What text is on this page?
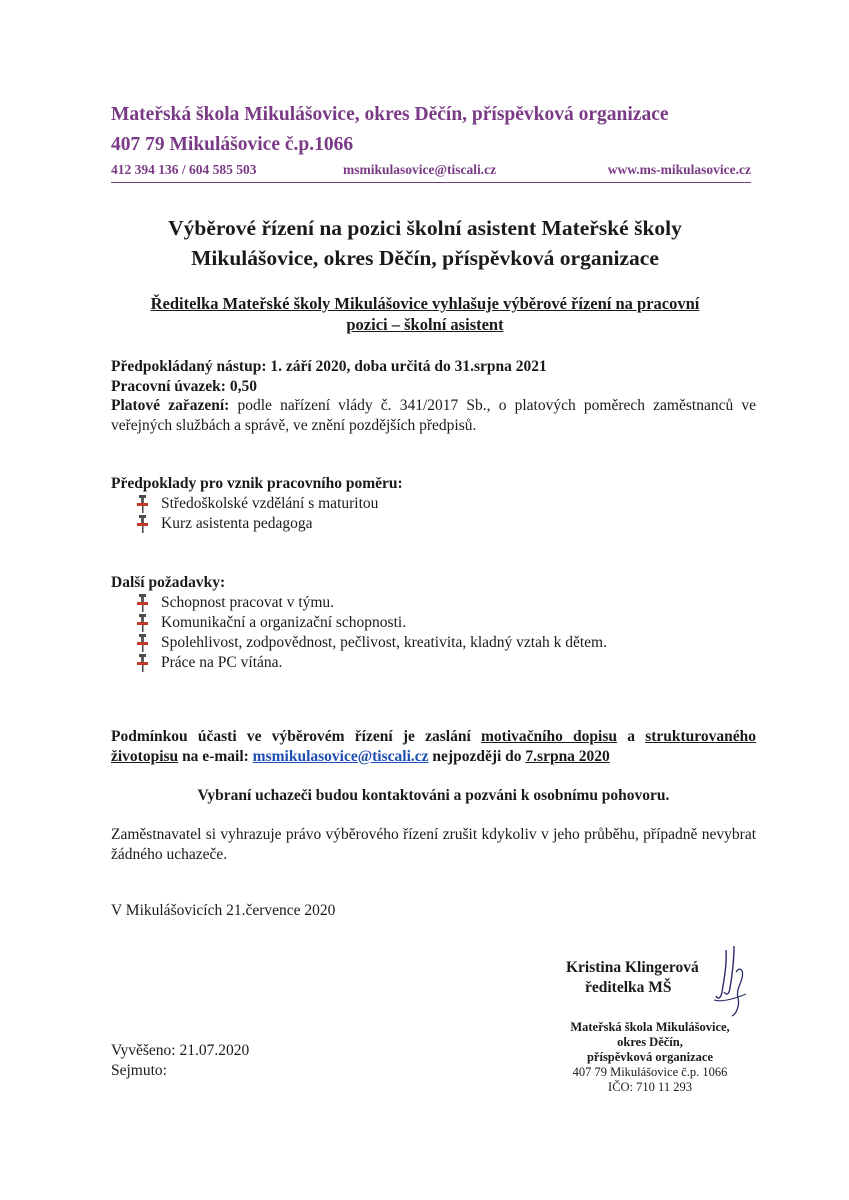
Mateřská škola Mikulášovice, okres Děčín, příspěvková organizace
407 79 Mikulášovice č.p.1066
412 394 136 / 604 585 503	msmikulasovice@tiscali.cz	www.ms-mikulasovice.cz
Výběrové řízení na pozici školní asistent Mateřské školy
Mikulášovice, okres Děčín, příspěvková organizace
Ředitelka Mateřské školy Mikulášovice vyhlašuje výběrové řízení na pracovní
pozici – školní asistent
Předpokládaný nástup: 1. září 2020, doba určitá do 31.srpna 2021
Pracovní úvazek: 0,50
Platové zařazení: podle nařízení vlády č. 341/2017 Sb., o platových poměrech zaměstnanců ve veřejných službách a správě, ve znění pozdějších předpisů.
Předpoklady pro vznik pracovního poměru:
Středoškolské vzdělání s maturitou
Kurz asistenta pedagoga
Další požadavky:
Schopnost pracovat v týmu.
Komunikační a organizační schopnosti.
Spolehlivost, zodpovědnost, pečlivost, kreativita, kladný vztah k dětem.
Práce na PC vítána.
Podmínkou účasti ve výběrovém řízení je zaslání motivačního dopisu a strukturovaného životopisu na e-mail: msmikulasovice@tiscali.cz nejpozději do 7.srpna 2020
Vybraní uchazeči budou kontaktováni a pozváni k osobnímu pohovoru.
Zaměstnavatel si vyhrazuje právo výběrového řízení zrušit kdykoliv v jeho průběhu, případně nevybrat žádného uchazeče.
V Mikulášovicích 21.července 2020
Kristina Klingerová
ředitelka MŠ
Mateřská škola Mikulášovice,
okres Děčín,
příspěvková organizace
407 79 Mikulášovice č.p. 1066
IČO: 710 11 293
Vyvěšeno: 21.07.2020
Sejmuto:
